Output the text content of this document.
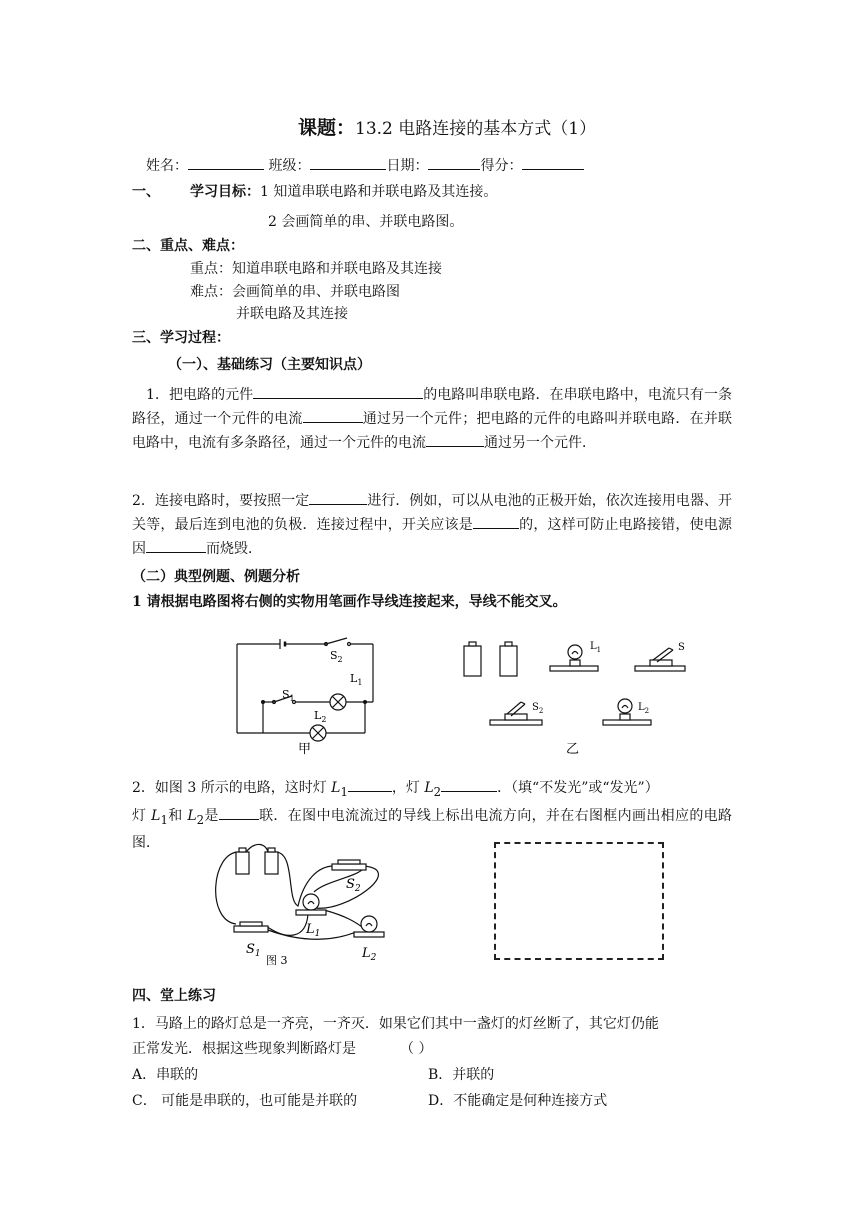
课题：13.2 电路连接的基本方式（1）
姓名：	班级：	日期：	得分：
一、 学习目标：1 知道串联电路和并联电路及其连接。
2 会画简单的串、并联电路图。
二、重点、难点：
重点：知道串联电路和并联电路及其连接
难点：会画简单的串、并联电路图
并联电路及其连接
三、学习过程：
（一）、基础练习（主要知识点）
1．把电路的元件	的电路叫串联电路．在串联电路中，电流只有一条路径，通过一个元件的电流	通过另一个元件；把电路的元件的电路叫并联电路．在并联电路中，电流有多条路径，通过一个元件的电流	通过另一个元件．
2．连接电路时，要按照一定	进行．例如，可以从电池的正极开始，依次连接用电器、开关等，最后连到电池的负极．连接过程中，开关应该是	的，这样可防止电路接错，使电源因	而烧毁．
（二）典型例题、例题分析
1 请根据电路图将右侧的实物用笔画作导线连接起来，导线不能交叉。
$S_2$
$L_1$
$S_1$
$L_2$
甲
$L_1$	S
$S_2$	$L_2$
乙
2．如图 3 所示的电路，这时灯 $L_1$	，灯 $L_2$	．（填“不发光”或“发光”）
灯 $L_1$和 $L_2$是	联．在图中电流流过的导线上标出电流方向，并在右图框内画出相应的电路图．
$S_2$
$L_1$
$S_1$	$L_2$
图 3
四、堂上练习
1．马路上的路灯总是一齐亮，一齐灭．如果它们其中一盏灯的灯丝断了，其它灯仍能
正常发光．根据这些现象判断路灯是	（ ）
A．串联的	B．并联的
C． 可能是串联的，也可能是并联的	D．不能确定是何种连接方式
